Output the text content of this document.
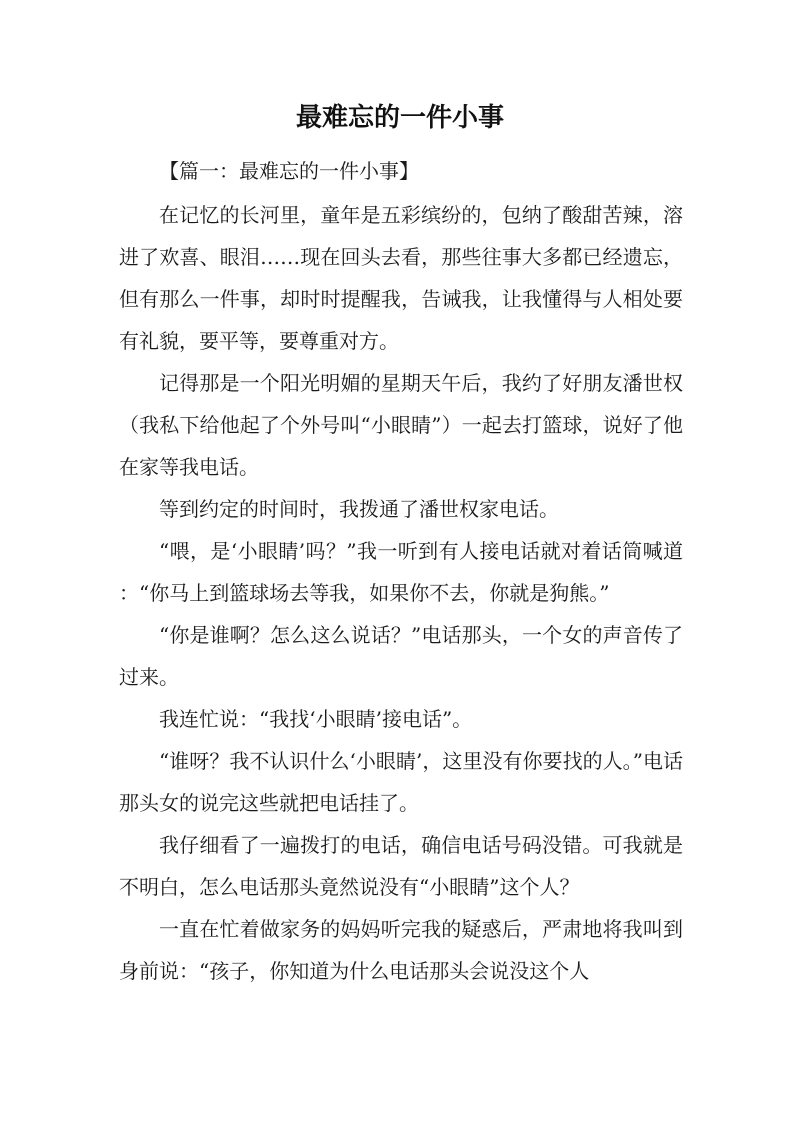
最难忘的一件小事

【篇一：最难忘的一件小事】

在记忆的长河里，童年是五彩缤纷的，包纳了酸甜苦辣，溶进了欢喜、眼泪……现在回头去看，那些往事大多都已经遗忘，但有那么一件事，却时时提醒我，告诫我，让我懂得与人相处要有礼貌，要平等，要尊重对方。

记得那是一个阳光明媚的星期天午后，我约了好朋友潘世权（我私下给他起了个外号叫“小眼睛”）一起去打篮球，说好了他在家等我电话。

等到约定的时间时，我拨通了潘世权家电话。

“喂，是‘小眼睛’吗？”我一听到有人接电话就对着话筒喊道：“你马上到篮球场去等我，如果你不去，你就是狗熊。”

“你是谁啊？怎么这么说话？”电话那头，一个女的声音传了过来。

我连忙说：“我找‘小眼睛’接电话”。

“谁呀？我不认识什么‘小眼睛’，这里没有你要找的人。”电话那头女的说完这些就把电话挂了。

我仔细看了一遍拨打的电话，确信电话号码没错。可我就是不明白，怎么电话那头竟然说没有“小眼睛”这个人？

一直在忙着做家务的妈妈听完我的疑惑后，严肃地将我叫到身前说：“孩子，你知道为什么电话那头会说没这个人
